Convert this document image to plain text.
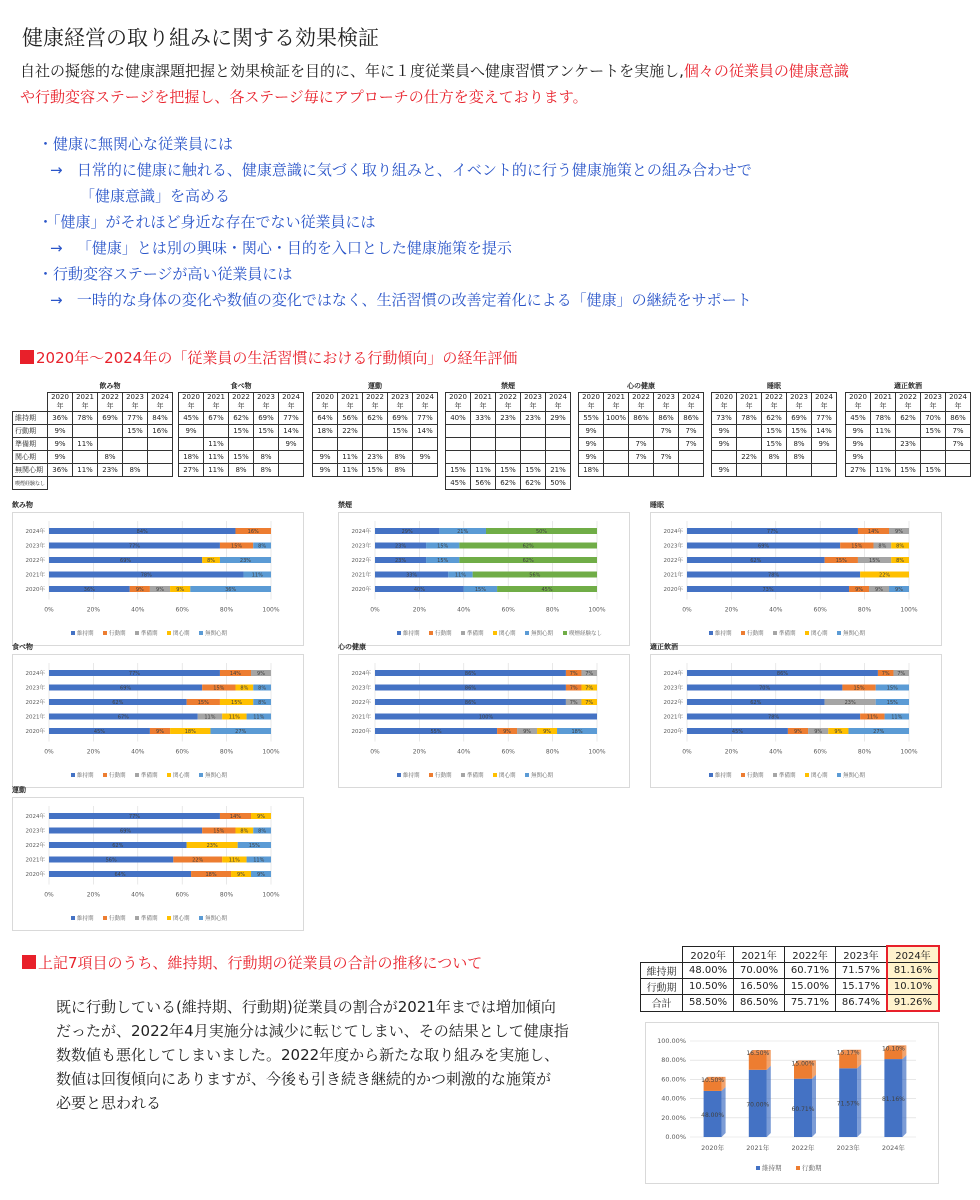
健康経営の取り組みに関する効果検証
自社の擬態的な健康課題把握と効果検証を目的に、年に１度従業員へ健康習慣アンケートを実施し,個々の従業員の健康意識
や行動変容ステージを把握し、各ステージ毎にアプローチの仕方を変えております。
・健康に無関心な従業員には
→ 日常的に健康に触れる、健康意識に気づく取り組みと、イベント的に行う健康施策との組み合わせで
「健康意識」を高める
・「健康」がそれほど身近な存在でない従業員には
→ 「健康」とは別の興味・関心・目的を入口とした健康施策を提示
・行動変容ステージが高い従業員には
→ 一時的な身体の変化や数値の変化ではなく、生活習慣の改善定着化による「健康」の継続をサポート
2020年～2024年の「従業員の生活習慣における行動傾向」の経年評価
	飲み物				
	2020年	2021年	2022年	2023年	2024年
維持期	36%	78%	69%	77%	84%
行動期	9%			15%	16%
準備期	9%	11%			
関心期	9%		8%		
無関心期	36%	11%	23%	8%	
喫煙経験なし					
食べ物				
2020年	2021年	2022年	2023年	2024年
45%	67%	62%	69%	77%
9%		15%	15%	14%
	11%			9%
18%	11%	15%	8%	
27%	11%	8%	8%	
運動				
2020年	2021年	2022年	2023年	2024年
64%	56%	62%	69%	77%
18%	22%		15%	14%

9%	11%	23%	8%	9%
9%	11%	15%	8%	
禁煙				
2020年	2021年	2022年	2023年	2024年
40%	33%	23%	23%	29%

15%	11%	15%	15%	21%
45%	56%	62%	62%	50%
心の健康				
2020年	2021年	2022年	2023年	2024年
55%	100%	86%	86%	86%
9%			7%	7%
9%		7%		7%
9%		7%	7%	
18%				
睡眠				
2020年	2021年	2022年	2023年	2024年
73%	78%	62%	69%	77%
9%		15%	15%	14%
9%		15%	8%	9%
	22%	8%	8%	
9%				
適正飲酒				
2020年	2021年	2022年	2023年	2024年
45%	78%	62%	70%	86%
9%	11%		15%	7%
9%		23%		7%
9%				
27%	11%	15%	15%	
0%	20%	40%	60%	80%	100%
2024年	84%	16%
2023年	77%	15%	8%
2022年	69%	8%	23%
2021年	78%	11%
2020年	36%	9% 9% 9%	36%
維持期	行動期	準備期	関心期	無関心期
飲み物
0%	20%	40%	60%	80%	100%
2024年	29%	21%	50%
2023年	23%	15%	62%
2022年	23%	15%	62%
2021年	33%	11%	56%
2020年	40%	15%	45%
維持期	行動期	準備期	関心期	無関心期	喫煙経験なし
禁煙
0%	20%	40%	60%	80%	100%
2024年	77%	14%	9%
2023年	69%	15%	8% 8%
2022年	62%	15%	15%	8%
2021年	78%	22%
2020年	73%	9% 9% 9%
維持期	行動期	準備期	関心期	無関心期
睡眠
0%	20%	40%	60%	80%	100%
2024年	77%	14%	9%
2023年	69%	15%	8% 8%
2022年	62%	15%	15%	8%
2021年	67%	11%	11%	11%
2020年	45%	9%	18%	27%
維持期	行動期	準備期	関心期	無関心期
食べ物
0%	20%	40%	60%	80%	100%
2024年	86%	7% 7%
2023年	86%	7% 7%
2022年	86%	7% 7%
2021年	100%
2020年	55%	9% 9% 9%	18%
維持期	行動期	準備期	関心期	無関心期
心の健康
0%	20%	40%	60%	80%	100%
2024年	86%	7% 7%
2023年	70%	15%	15%
2022年	62%	23%	15%
2021年	78%	11%	11%
2020年	45%	9% 9% 9%	27%
維持期	行動期	準備期	関心期	無関心期
適正飲酒
0%	20%	40%	60%	80%	100%
2024年	77%	14%	9%
2023年	69%	15%	8% 8%
2022年	62%	23%	15%
2021年	56%	22%	11%	11%
2020年	64%	18%	9% 9%
維持期	行動期	準備期	関心期	無関心期
運動
上記7項目のうち、維持期、行動期の従業員の合計の推移について
既に行動している(維持期、行動期)従業員の割合が2021年までは増加傾向
だったが、2022年4月実施分は減少に転じてしまい、その結果として健康指
数数値も悪化してしまいました。2022年度から新たな取り組みを実施し、
数値は回復傾向にありますが、今後も引き続き継続的かつ刺激的な施策が
必要と思われる
	2020年	2021年	2022年	2023年	2024年
維持期	48.00%	70.00%	60.71%	71.57%	81.16%
行動期	10.50%	16.50%	15.00%	15.17%	10.10%
合計	58.50%	86.50%	75.71%	86.74%	91.26%
0.00%
20.00%
40.00%
60.00%
80.00%
100.00%
48.00%
10.50%
2020年
70.00%
16.50%
2021年
60.71%
15.00%
2022年
71.57%
15.17%
2023年
81.16%
10.10%
2024年
維持期	行動期
